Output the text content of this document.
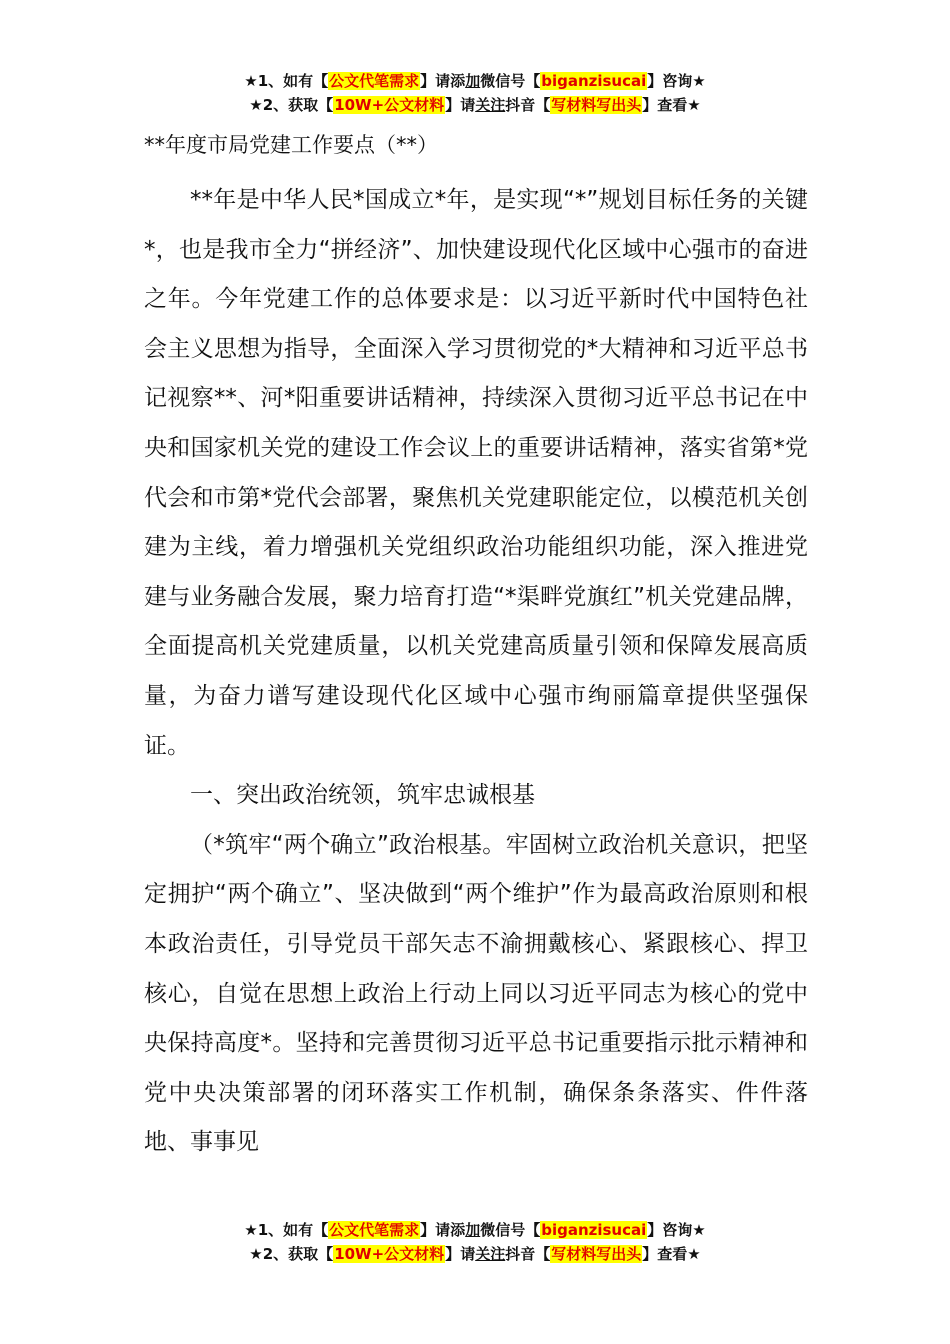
★1、如有【公文代笔需求】请添加微信号【biganzisucai】咨询★
★2、获取【10W+公文材料】请关注抖音【写材料写出头】查看★
**年度市局党建工作要点（**）

**年是中华人民*国成立*年，是实现“*”规划目标任务的关键*，也是我市全力“拼经济”、加快建设现代化区域中心强市的奋进之年。今年党建工作的总体要求是：以习近平新时代中国特色社会主义思想为指导，全面深入学习贯彻党的*大精神和习近平总书记视察**、河*阳重要讲话精神，持续深入贯彻习近平总书记在中央和国家机关党的建设工作会议上的重要讲话精神，落实省第*党代会和市第*党代会部署，聚焦机关党建职能定位，以模范机关创建为主线，着力增强机关党组织政治功能组织功能，深入推进党建与业务融合发展，聚力培育打造“*渠畔党旗红”机关党建品牌，全面提高机关党建质量，以机关党建高质量引领和保障发展高质量，为奋力谱写建设现代化区域中心强市绚丽篇章提供坚强保证。

一、突出政治统领，筑牢忠诚根基

（*筑牢“两个确立”政治根基。牢固树立政治机关意识，把坚定拥护“两个确立”、坚决做到“两个维护”作为最高政治原则和根本政治责任，引导党员干部矢志不渝拥戴核心、紧跟核心、捍卫核心，自觉在思想上政治上行动上同以习近平同志为核心的党中央保持高度*。坚持和完善贯彻习近平总书记重要指示批示精神和党中央决策部署的闭环落实工作机制，确保条条落实、件件落地、事事见

★1、如有【公文代笔需求】请添加微信号【biganzisucai】咨询★
★2、获取【10W+公文材料】请关注抖音【写材料写出头】查看★
